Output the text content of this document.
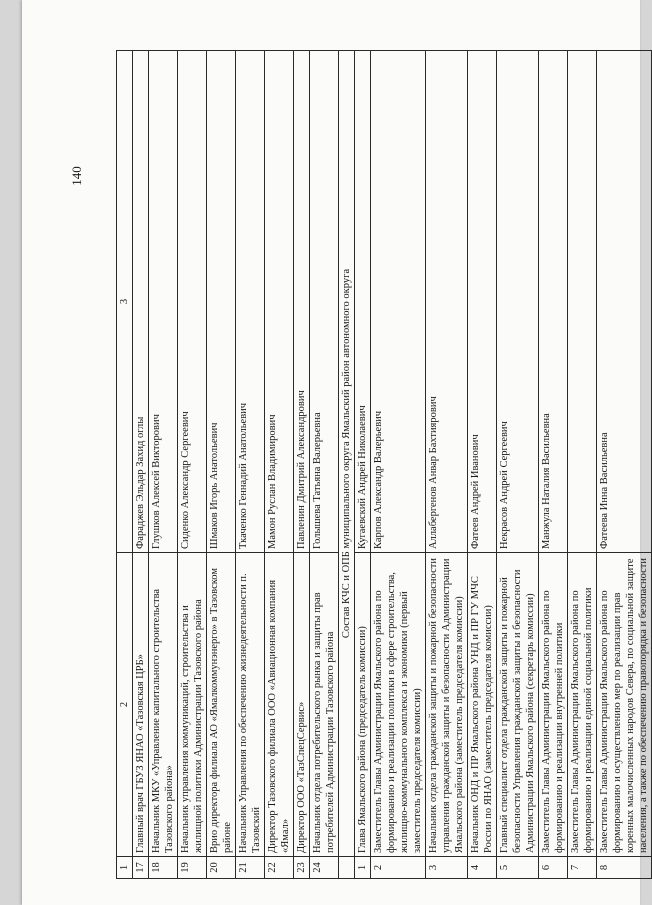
140
1	2	3
17	Главный врач ГБУЗ ЯНАО «Тазовская ЦРБ»	Фараджев Эльдар Захид оглы
18	Начальник МКУ «Управление капитального строительства Тазовского района»	Глушков Алексей Викторович
19	Начальник управления коммуникаций, строительства и жилищной политики Администрации Тазовского района	Сиденко Александр Сергеевич
20	Врио директора филиала АО «Ямалкоммунэнерго» в Тазовском районе	Шмаков Игорь Анатольевич
21	Начальник Управления по обеспечению жизнедеятельности п. Тазовский	Ткаченко Геннадий Анатольевич
22	Директор Тазовского филиала ООО «Авиационная компания «Ямал»	Мамон Руслан Владимирович
23	Директор ООО «ТазСпецСервис»	Павленин Дмитрий Александрович
24	Начальник отдела потребительского рынка и защиты прав потребителей Администрации Тазовского района	Голышева Татьяна Валерьевна
	Состав КЧС и ОПБ муниципального округа Ямальский район автономного округа	
1	Глава Ямальского района (председатель комиссии)	Кугаевский Андрей Николаевич
2	Заместитель Главы Администрации Ямальского района по формированию и реализации политики в сфере строительства, жилищно-коммунального комплекса и экономики (первый заместитель председателя комиссии)	Карпов Александр Валерьевич
3	Начальник отдела гражданской защиты и пожарной безопасности управления гражданской защиты и безопасности Администрации Ямальского района (заместитель председателя комиссии)	Аллабергенов Анвар Бахтиярович
4	Начальник ОНД и ПР Ямальского района УНД и ПР ГУ МЧС России по ЯНАО (заместитель председателя комиссии)	Фатеев Андрей Иванович
5	Главный специалист отдела гражданской защиты и пожарной безопасности Управления гражданской защиты и безопасности Администрации Ямальского района (секретарь комиссии)	Некрасов Андрей Сергеевич
6	Заместитель Главы Администрации Ямальского района по формированию и реализации внутренней политики	Манжула Наталия Васильевна
7	Заместитель Главы Администрации Ямальского района по формированию и реализации единой социальной политики	
8	Заместитель Главы Администрации Ямальского района по формированию и осуществлению мер по реализации прав коренных малочисленных народов Севера, по социальной защите населения, а также по обеспечению правопорядка и безопасности	Фатеева Инна Васильевна
